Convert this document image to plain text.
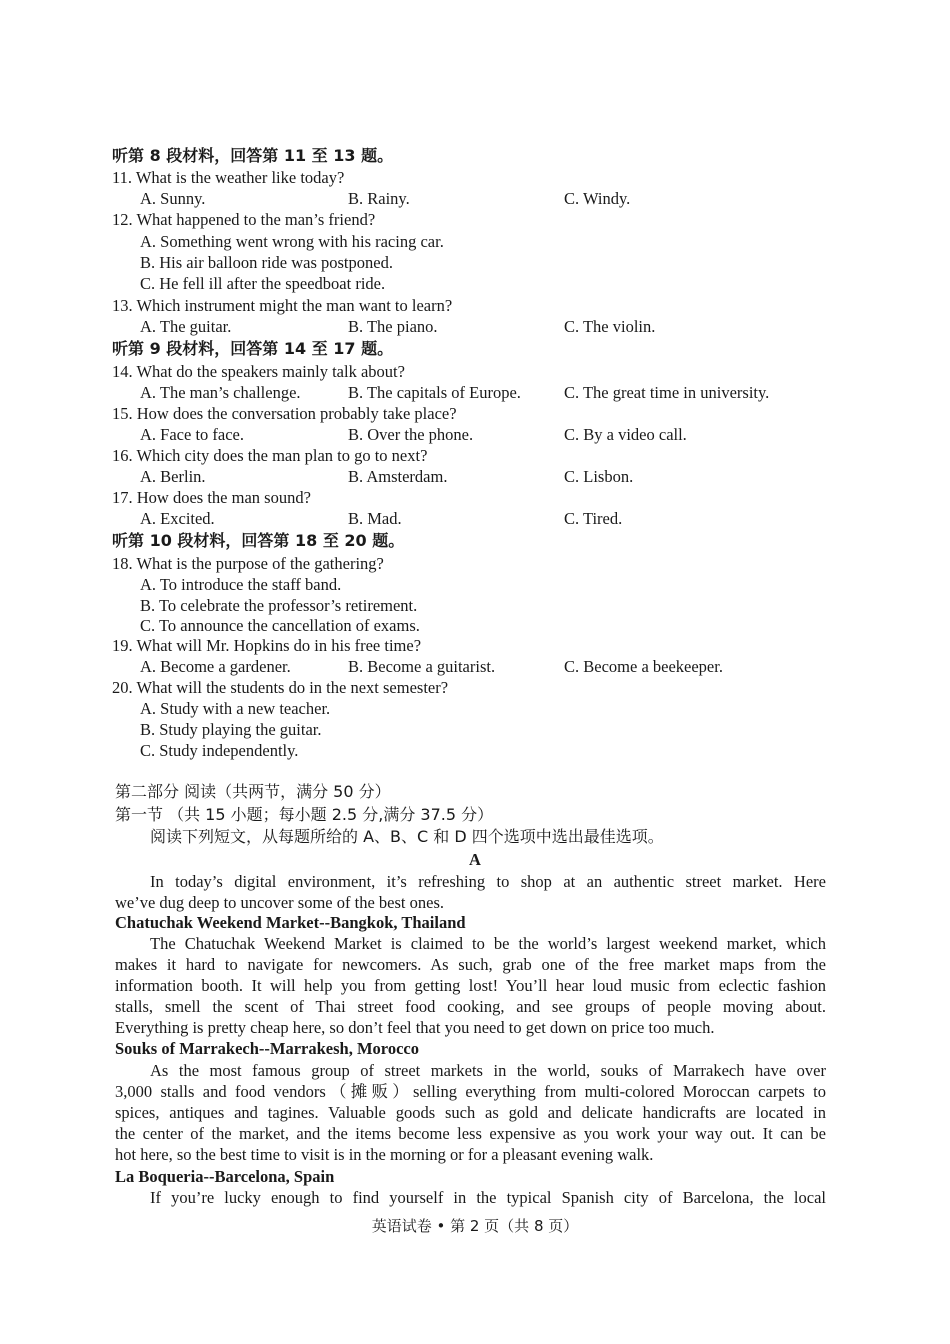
听第 8 段材料，回答第 11 至 13 题。
11. What is the weather like today?
A. Sunny.	B. Rainy.	C. Windy.
12. What happened to the man’s friend?
A. Something went wrong with his racing car.
B. His air balloon ride was postponed.
C. He fell ill after the speedboat ride.
13. Which instrument might the man want to learn?
A. The guitar.	B. The piano.	C. The violin.
听第 9 段材料，回答第 14 至 17 题。
14. What do the speakers mainly talk about?
A. The man’s challenge.	B. The capitals of Europe.	C. The great time in university.
15. How does the conversation probably take place?
A. Face to face.	B. Over the phone.	C. By a video call.
16. Which city does the man plan to go to next?
A. Berlin.	B. Amsterdam.	C. Lisbon.
17. How does the man sound?
A. Excited.	B. Mad.	C. Tired.
听第 10 段材料，回答第 18 至 20 题。
18. What is the purpose of the gathering?
A. To introduce the staff band.
B. To celebrate the professor’s retirement.
C. To announce the cancellation of exams.
19. What will Mr. Hopkins do in his free time?
A. Become a gardener.	B. Become a guitarist.	C. Become a beekeeper.
20. What will the students do in the next semester?
A. Study with a new teacher.
B. Study playing the guitar.
C. Study independently.
第二部分 阅读（共两节，满分 50 分）
第一节 （共 15 小题；每小题 2.5 分,满分 37.5 分）
阅读下列短文，从每题所给的 A、B、C 和 D 四个选项中选出最佳选项。
A
In today’s digital environment, it’s refreshing to shop at an authentic street market. Here
we’ve dug deep to uncover some of the best ones.
Chatuchak Weekend Market--Bangkok, Thailand
The Chatuchak Weekend Market is claimed to be the world’s largest weekend market, which
makes it hard to navigate for newcomers. As such, grab one of the free market maps from the
information booth. It will help you from getting lost! You’ll hear loud music from eclectic fashion
stalls, smell the scent of Thai street food cooking, and see groups of people moving about.
Everything is pretty cheap here, so don’t feel that you need to get down on price too much.
Souks of Marrakech--Marrakesh, Morocco
As the most famous group of street markets in the world, souks of Marrakech have over
3,000 stalls and food vendors（摊贩）selling everything from multi-colored Moroccan carpets to
spices, antiques and tagines. Valuable goods such as gold and delicate handicrafts are located in
the center of the market, and the items become less expensive as you work your way out. It can be
hot here, so the best time to visit is in the morning or for a pleasant evening walk.
La Boqueria--Barcelona, Spain
If you’re lucky enough to find yourself in the typical Spanish city of Barcelona, the local
英语试卷 • 第 2 页（共 8 页）
